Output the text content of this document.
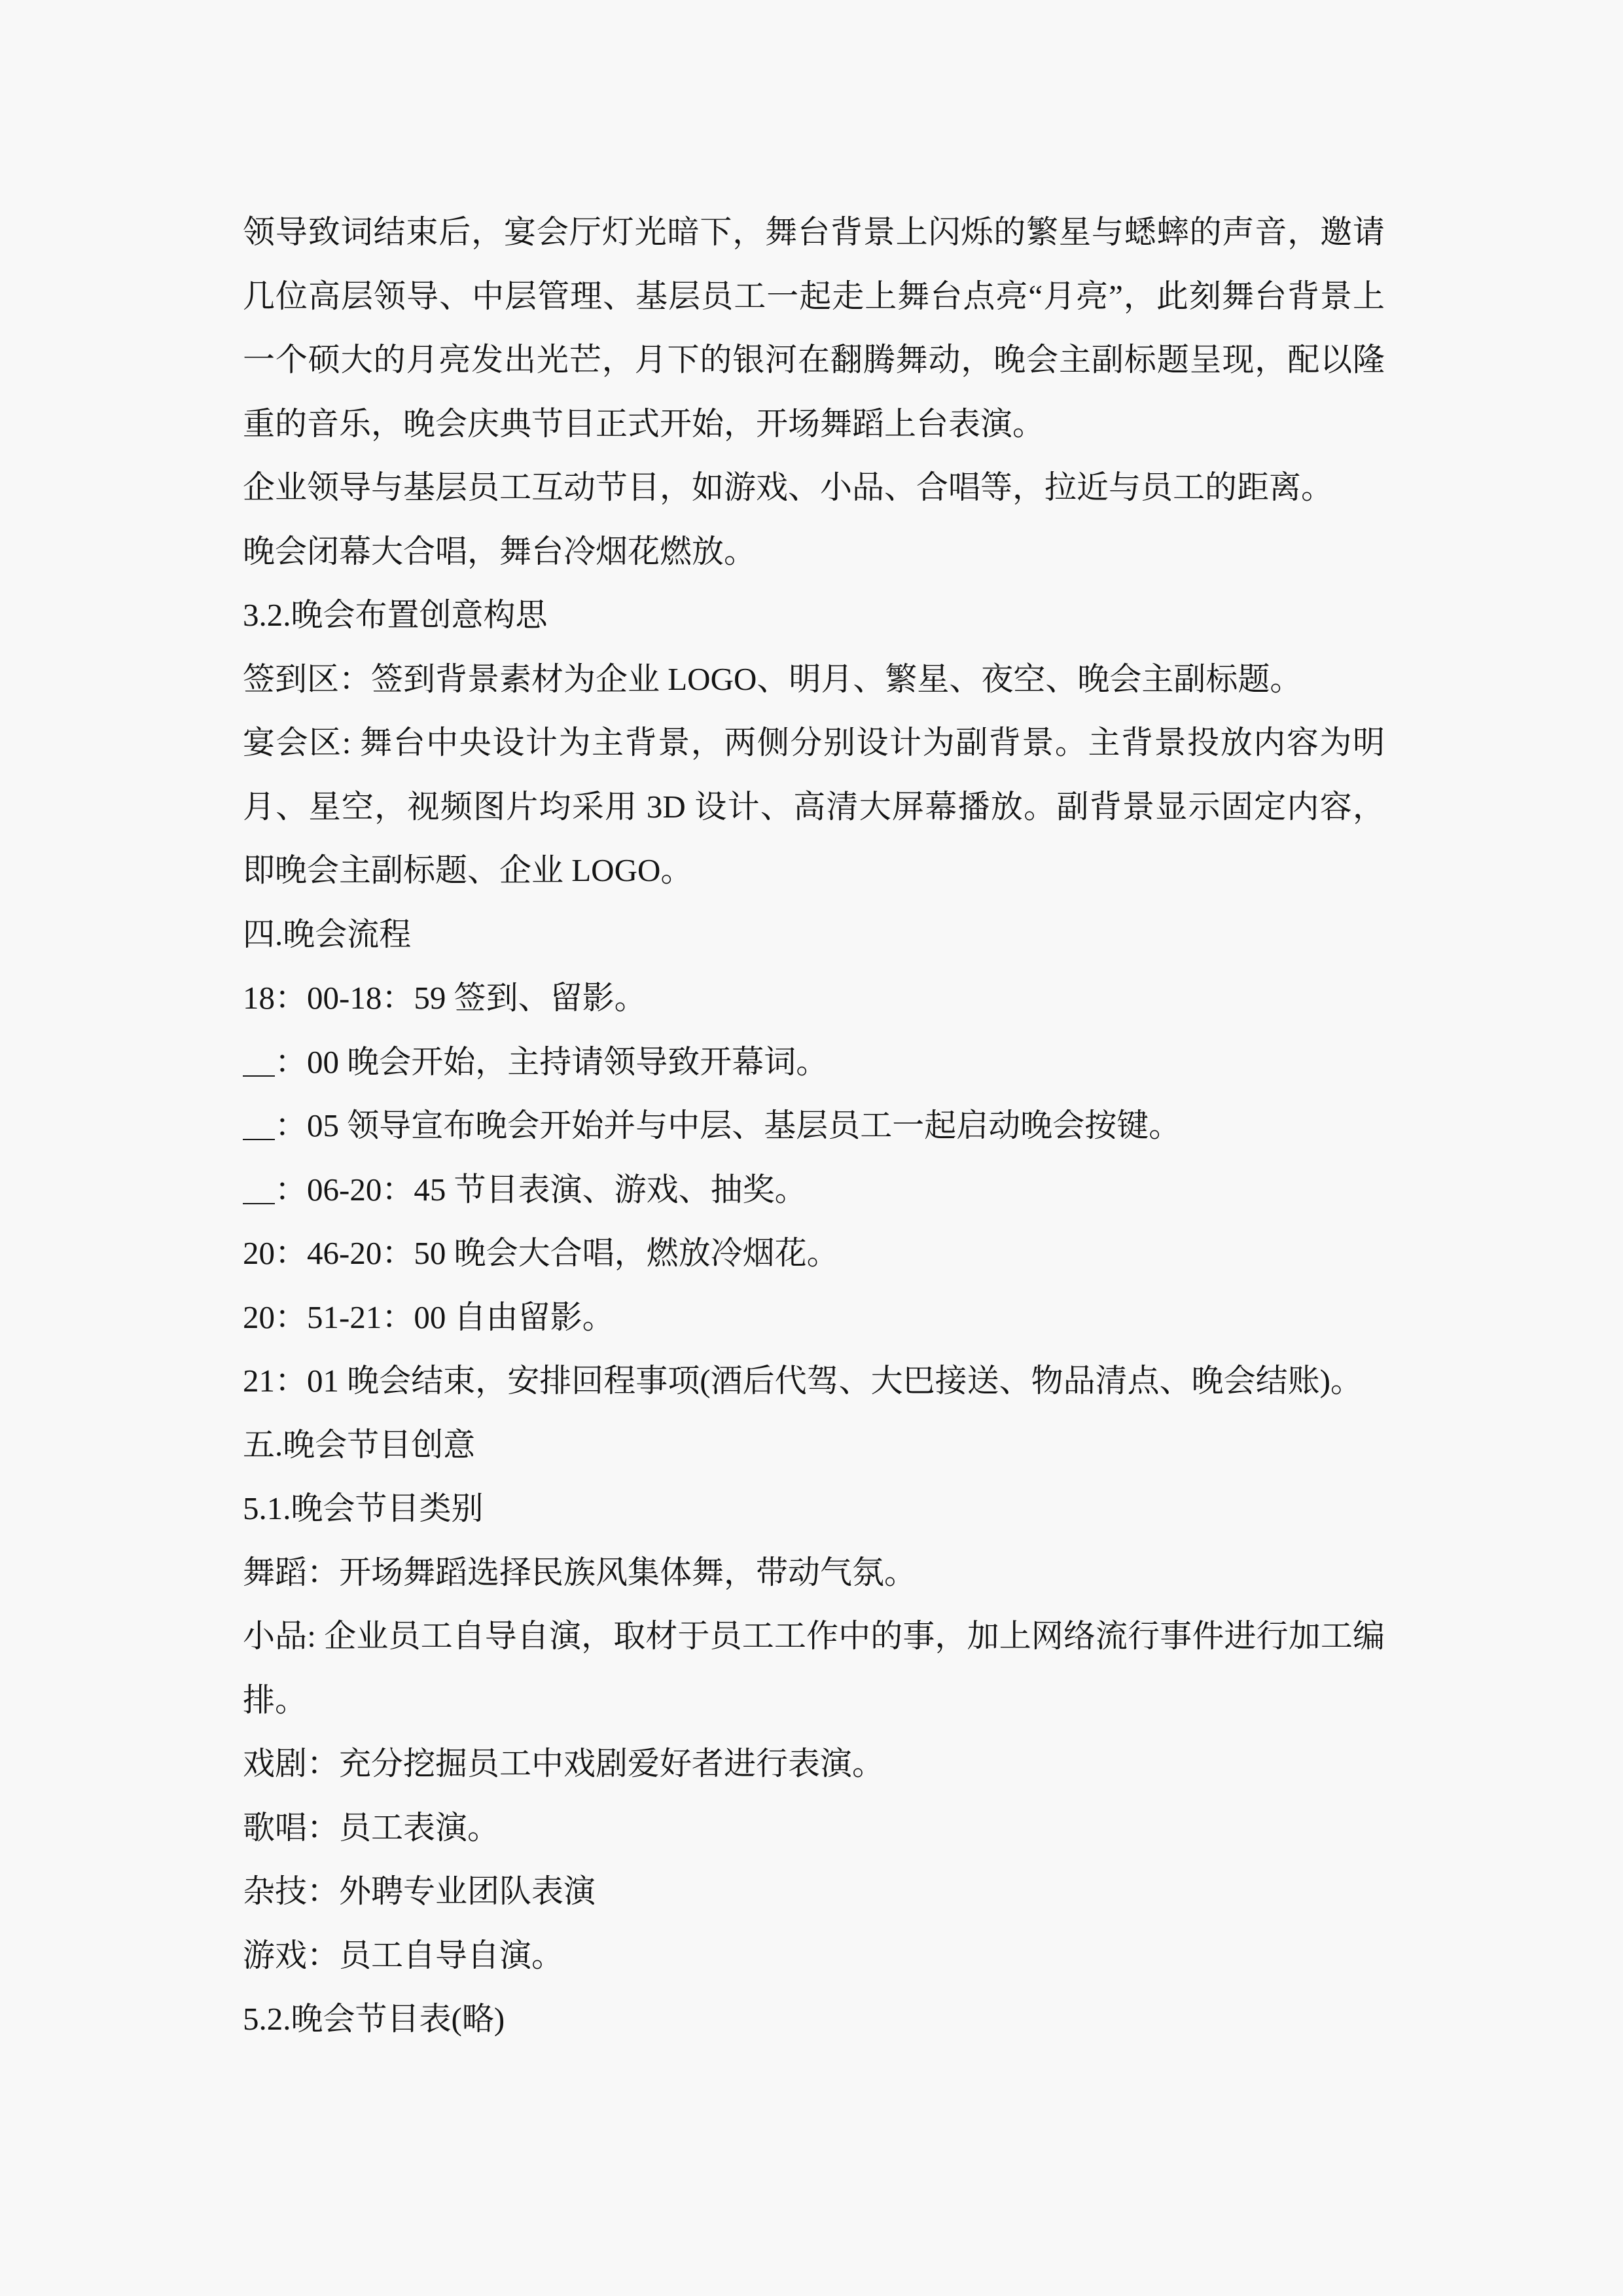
领导致词结束后，宴会厅灯光暗下，舞台背景上闪烁的繁星与蟋蟀的声音，邀请几位高层领导、中层管理、基层员工一起走上舞台点亮“月亮”，此刻舞台背景上一个硕大的月亮发出光芒，月下的银河在翻腾舞动，晚会主副标题呈现，配以隆重的音乐，晚会庆典节目正式开始，开场舞蹈上台表演。

企业领导与基层员工互动节目，如游戏、小品、合唱等，拉近与员工的距离。

晚会闭幕大合唱，舞台冷烟花燃放。

3.2.晚会布置创意构思

签到区：签到背景素材为企业 LOGO、明月、繁星、夜空、晚会主副标题。

宴会区: 舞台中央设计为主背景，两侧分别设计为副背景。主背景投放内容为明月、星空，视频图片均采用 3D 设计、高清大屏幕播放。副背景显示固定内容，即晚会主副标题、企业 LOGO。

四.晚会流程

18：00-18：59 签到、留影。

＿：00 晚会开始，主持请领导致开幕词。

＿：05 领导宣布晚会开始并与中层、基层员工一起启动晚会按键。

＿：06-20：45 节目表演、游戏、抽奖。

20：46-20：50 晚会大合唱，燃放冷烟花。

20：51-21：00 自由留影。

21：01 晚会结束，安排回程事项(酒后代驾、大巴接送、物品清点、晚会结账)。

五.晚会节目创意

5.1.晚会节目类别

舞蹈：开场舞蹈选择民族风集体舞，带动气氛。

小品: 企业员工自导自演，取材于员工工作中的事，加上网络流行事件进行加工编排。

戏剧：充分挖掘员工中戏剧爱好者进行表演。

歌唱：员工表演。

杂技：外聘专业团队表演

游戏：员工自导自演。

5.2.晚会节目表(略)
